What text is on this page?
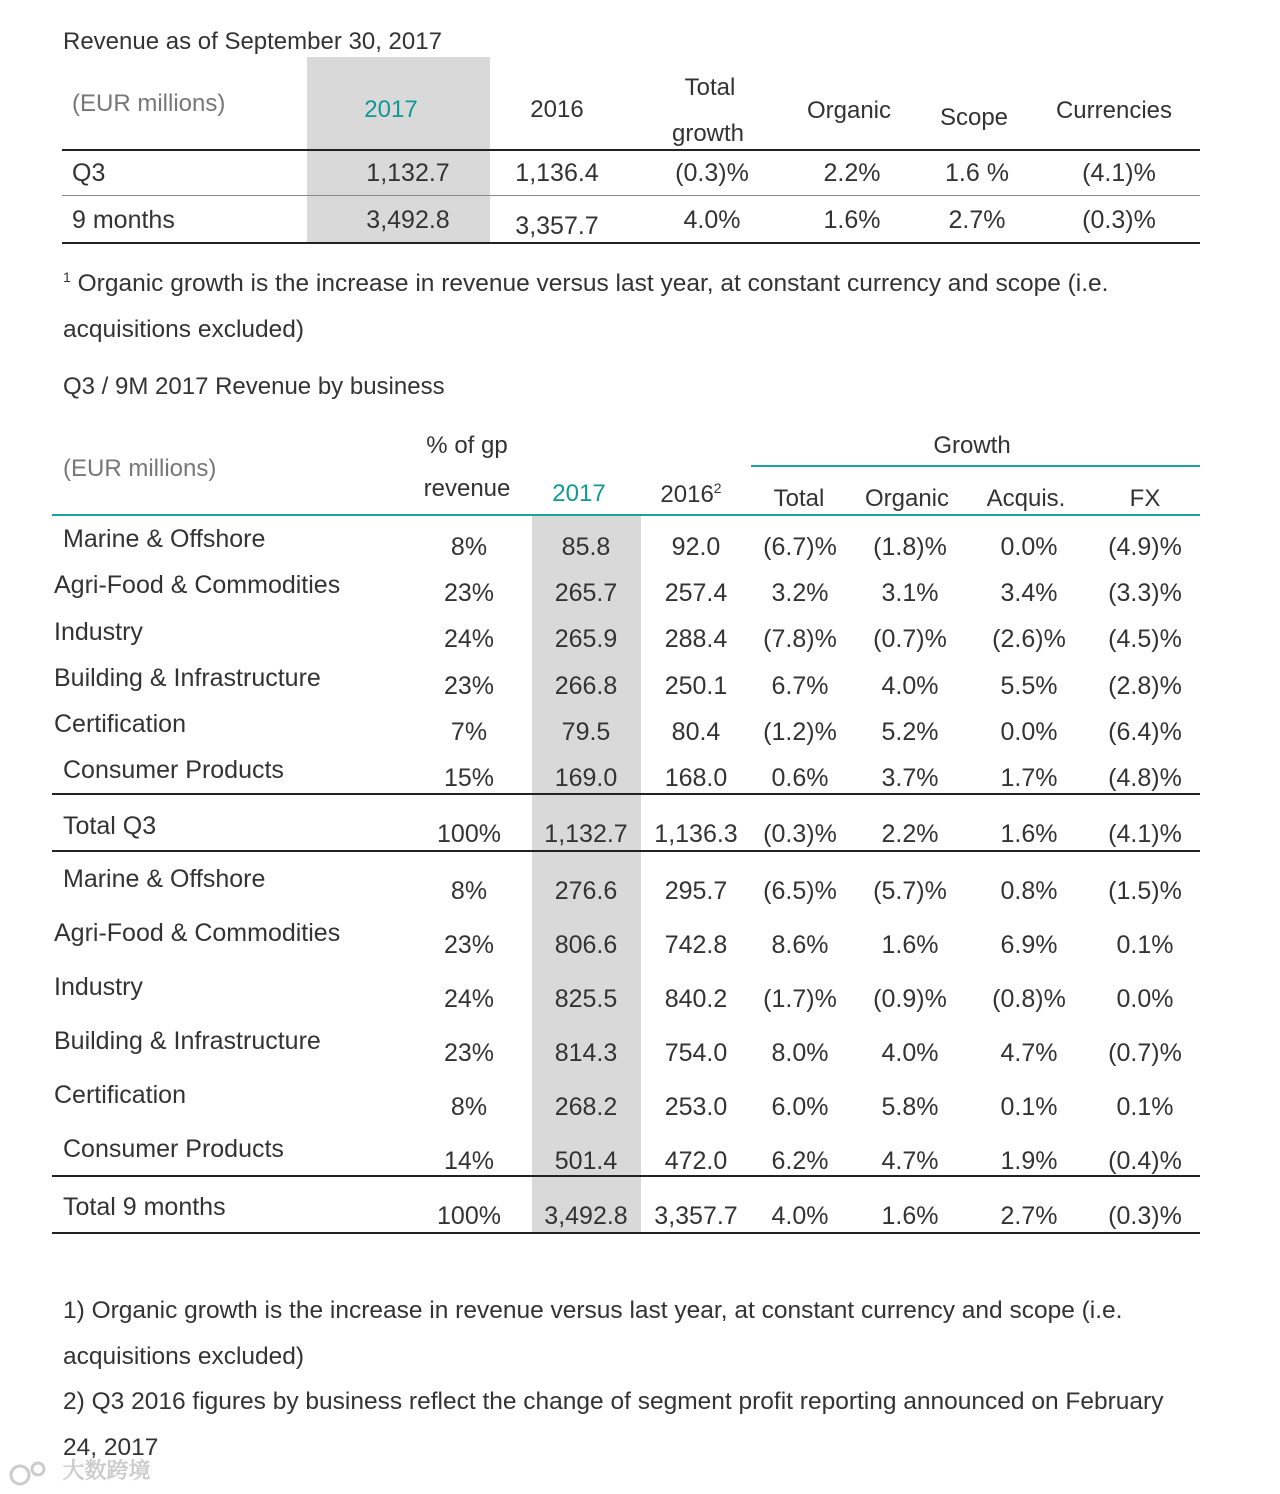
Revenue as of September 30, 2017
(EUR millions)	2017	2016
Total
growth
Organic Scope Currencies
Q3	1,132.7	1,136.4	(0.3)%	2.2%	1.6 %	(4.1)%
9 months	3,492.8	3,357.7	4.0%	1.6%	2.7%	(0.3)%
$^1$ Organic growth is the increase in revenue versus last year, at constant currency and scope (i.e. acquisitions excluded)
Q3 / 9M 2017 Revenue by business
(EUR millions)
% of gp
revenue 2017 2016$^2$
Growth
Total Organic Acquis.	FX
Marine & Offshore	8%	85.8 92.0 (6.7)% (1.8)% 0.0% (4.9)%
Agri-Food & Commodities	23% 265.7 257.4 3.2% 3.1% 3.4% (3.3)%
Industry	24% 265.9 288.4 (7.8)% (0.7)% (2.6)% (4.5)%
Building & Infrastructure	23% 266.8 250.1 6.7% 4.0% 5.5% (2.8)%
Certification	7%	79.5 80.4 (1.2)% 5.2% 0.0% (6.4)%
Consumer Products	15% 169.0 168.0 0.6% 3.7% 1.7% (4.8)%
Total Q3	100% 1,132.7 1,136.3 (0.3)% 2.2% 1.6% (4.1)%
Marine & Offshore	8%	276.6 295.7 (6.5)% (5.7)% 0.8% (1.5)%
Agri-Food & Commodities	23% 806.6 742.8 8.6% 1.6% 6.9% 0.1%
Industry	24% 825.5 840.2 (1.7)% (0.9)% (0.8)% 0.0%
Building & Infrastructure	23% 814.3 754.0 8.0% 4.0% 4.7% (0.7)%
Certification	8%	268.2 253.0 6.0% 5.8% 0.1% 0.1%
Consumer Products	14% 501.4 472.0 6.2% 4.7% 1.9% (0.4)%
Total 9 months	100% 3,492.8 3,357.7 4.0% 1.6% 2.7% (0.3)%
1) Organic growth is the increase in revenue versus last year, at constant currency and scope (i.e. acquisitions excluded)
2) Q3 2016 figures by business reflect the change of segment profit reporting announced on February 24, 2017
大数跨境
